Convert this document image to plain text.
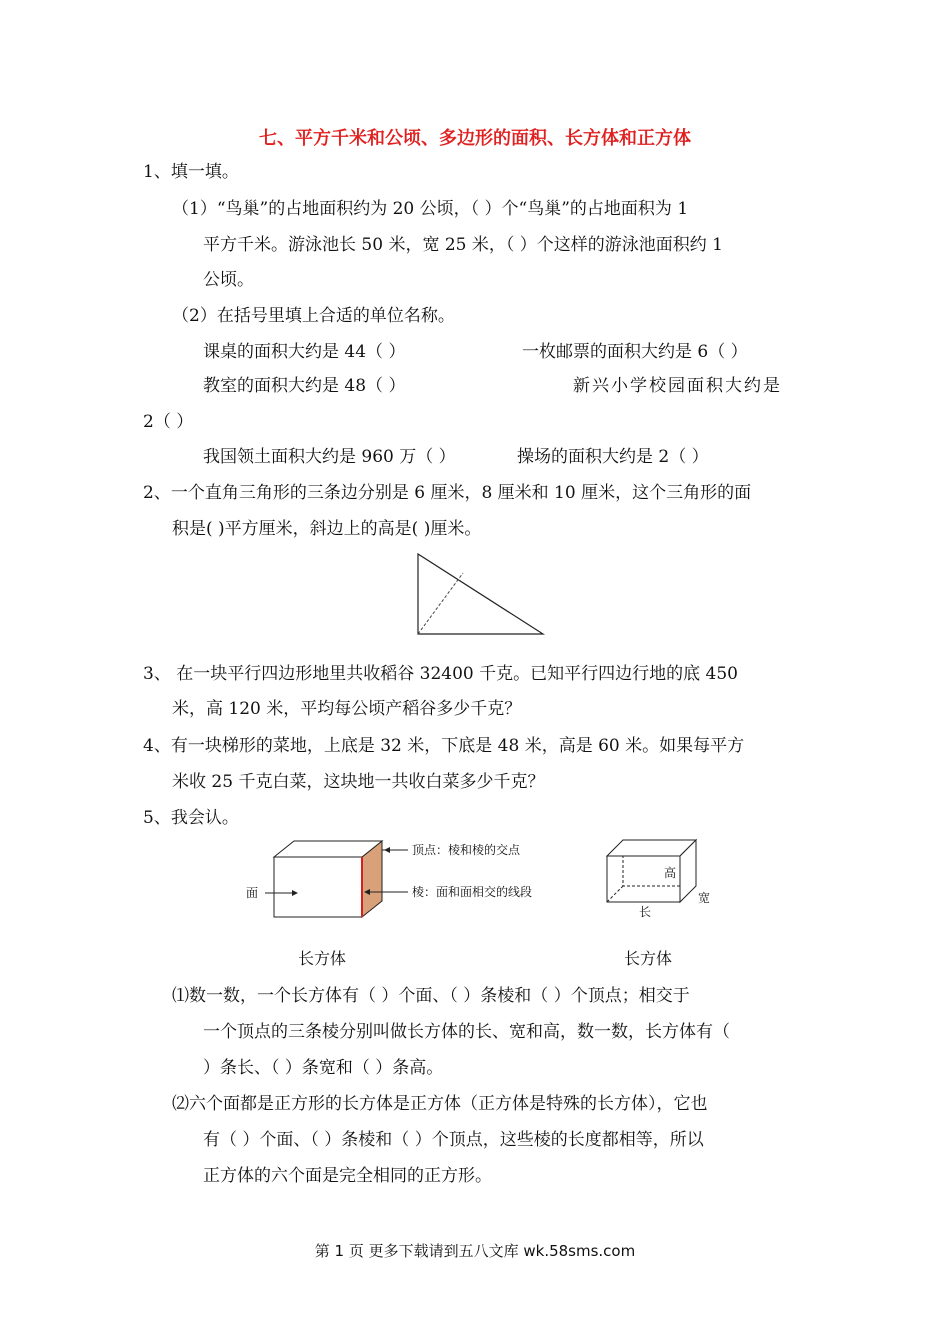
七、平方千米和公顷、多边形的面积、长方体和正方体
1、填一填。
（1）“鸟巢”的占地面积约为 20 公顷，（ ）个“鸟巢”的占地面积为 1
平方千米。游泳池长 50 米，宽 25 米，（ ）个这样的游泳池面积约 1
公顷。
（2）在括号里填上合适的单位名称。
课桌的面积大约是 44（ ）	一枚邮票的面积大约是 6（ ）
教室的面积大约是 48（ ）	新兴小学校园面积大约是
2（ ）
我国领土面积大约是 960 万（ ）	操场的面积大约是 2（ ）
2、一个直角三角形的三条边分别是 6 厘米，8 厘米和 10 厘米，这个三角形的面
积是( )平方厘米，斜边上的高是( )厘米。
3、 在一块平行四边形地里共收稻谷 32400 千克。已知平行四边行地的底 450
米，高 120 米，平均每公顷产稻谷多少千克？
4、有一块梯形的菜地，上底是 32 米，下底是 48 米，高是 60 米。如果每平方
米收 25 千克白菜，这块地一共收白菜多少千克？
5、我会认。
面
顶点：棱和棱的交点
棱：面和面相交的线段
高
长
宽
长方体	长方体
⑴数一数，一个长方体有（ ）个面、（ ）条棱和（ ）个顶点；相交于
一个顶点的三条棱分别叫做长方体的长、宽和高，数一数，长方体有（
）条长、（ ）条宽和（ ）条高。
⑵六个面都是正方形的长方体是正方体（正方体是特殊的长方体），它也
有（ ）个面、（ ）条棱和（ ）个顶点，这些棱的长度都相等，所以
正方体的六个面是完全相同的正方形。
第 1 页 更多下载请到五八文库 wk.58sms.com
